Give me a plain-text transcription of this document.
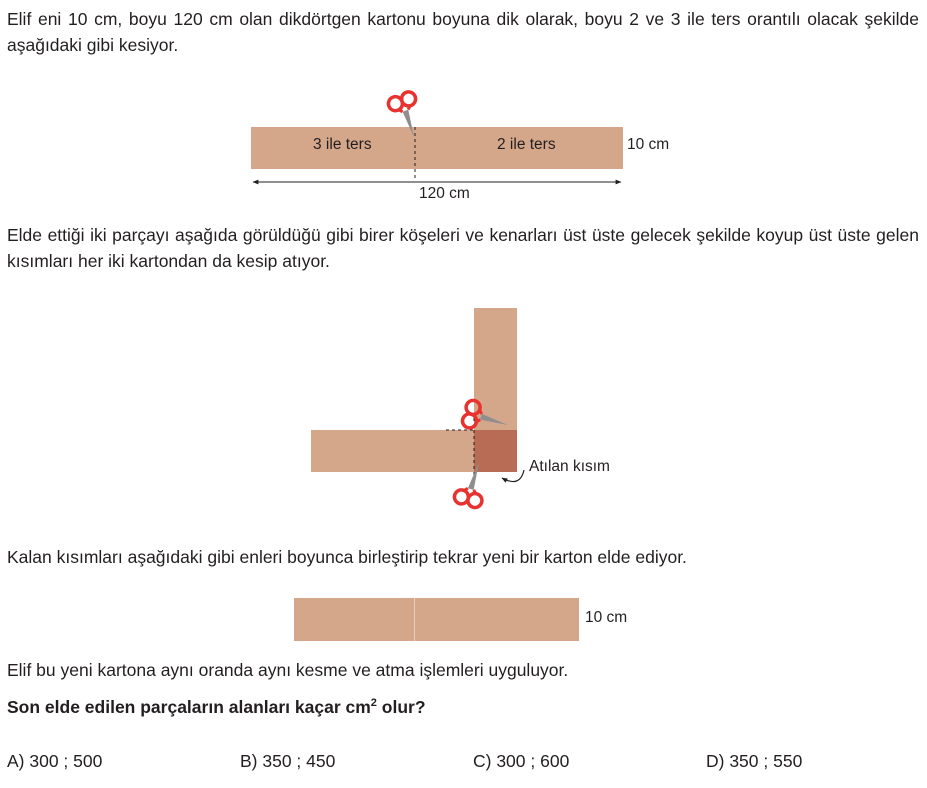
Elif eni 10 cm, boyu 120 cm olan dikdörtgen kartonu boyuna dik olarak, boyu 2 ve 3 ile ters orantılı olacak şekilde aşağıdaki gibi kesiyor.

3 ile ters	2 ile ters	10 cm
120 cm

Elde ettiği iki parçayı aşağıda görüldüğü gibi birer köşeleri ve kenarları üst üste gelecek şekilde koyup üst üste gelen kısımları her iki kartondan da kesip atıyor.

Atılan kısım

Kalan kısımları aşağıdaki gibi enleri boyunca birleştirip tekrar yeni bir karton elde ediyor.

10 cm

Elif bu yeni kartona aynı oranda aynı kesme ve atma işlemleri uyguluyor.

Son elde edilen parçaların alanları kaçar $cm^2$ olur?

A) 300 ; 500	B) 350 ; 450	C) 300 ; 600	D) 350 ; 550
